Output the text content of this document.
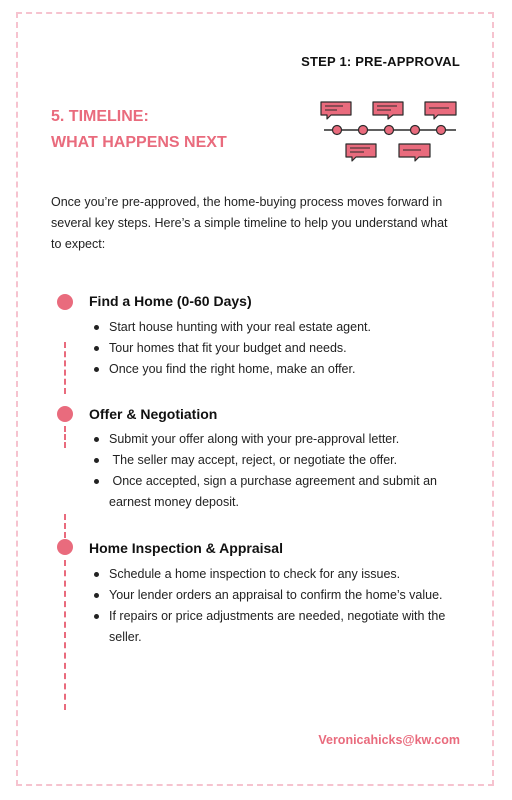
STEP 1: PRE-APPROVAL
5. TIMELINE:
WHAT HAPPENS NEXT
Once you’re pre-approved, the home-buying process moves forward in several key steps. Here’s a simple timeline to help you understand what to expect:
Find a Home (0-60 Days)
Start house hunting with your real estate agent.
Tour homes that fit your budget and needs.
Once you find the right home, make an offer.
Offer & Negotiation
Submit your offer along with your pre-approval letter.
The seller may accept, reject, or negotiate the offer.
Once accepted, sign a purchase agreement and submit an earnest money deposit.
Home Inspection & Appraisal
Schedule a home inspection to check for any issues.
Your lender orders an appraisal to confirm the home’s value.
If repairs or price adjustments are needed, negotiate with the seller.
Veronicahicks@kw.com
